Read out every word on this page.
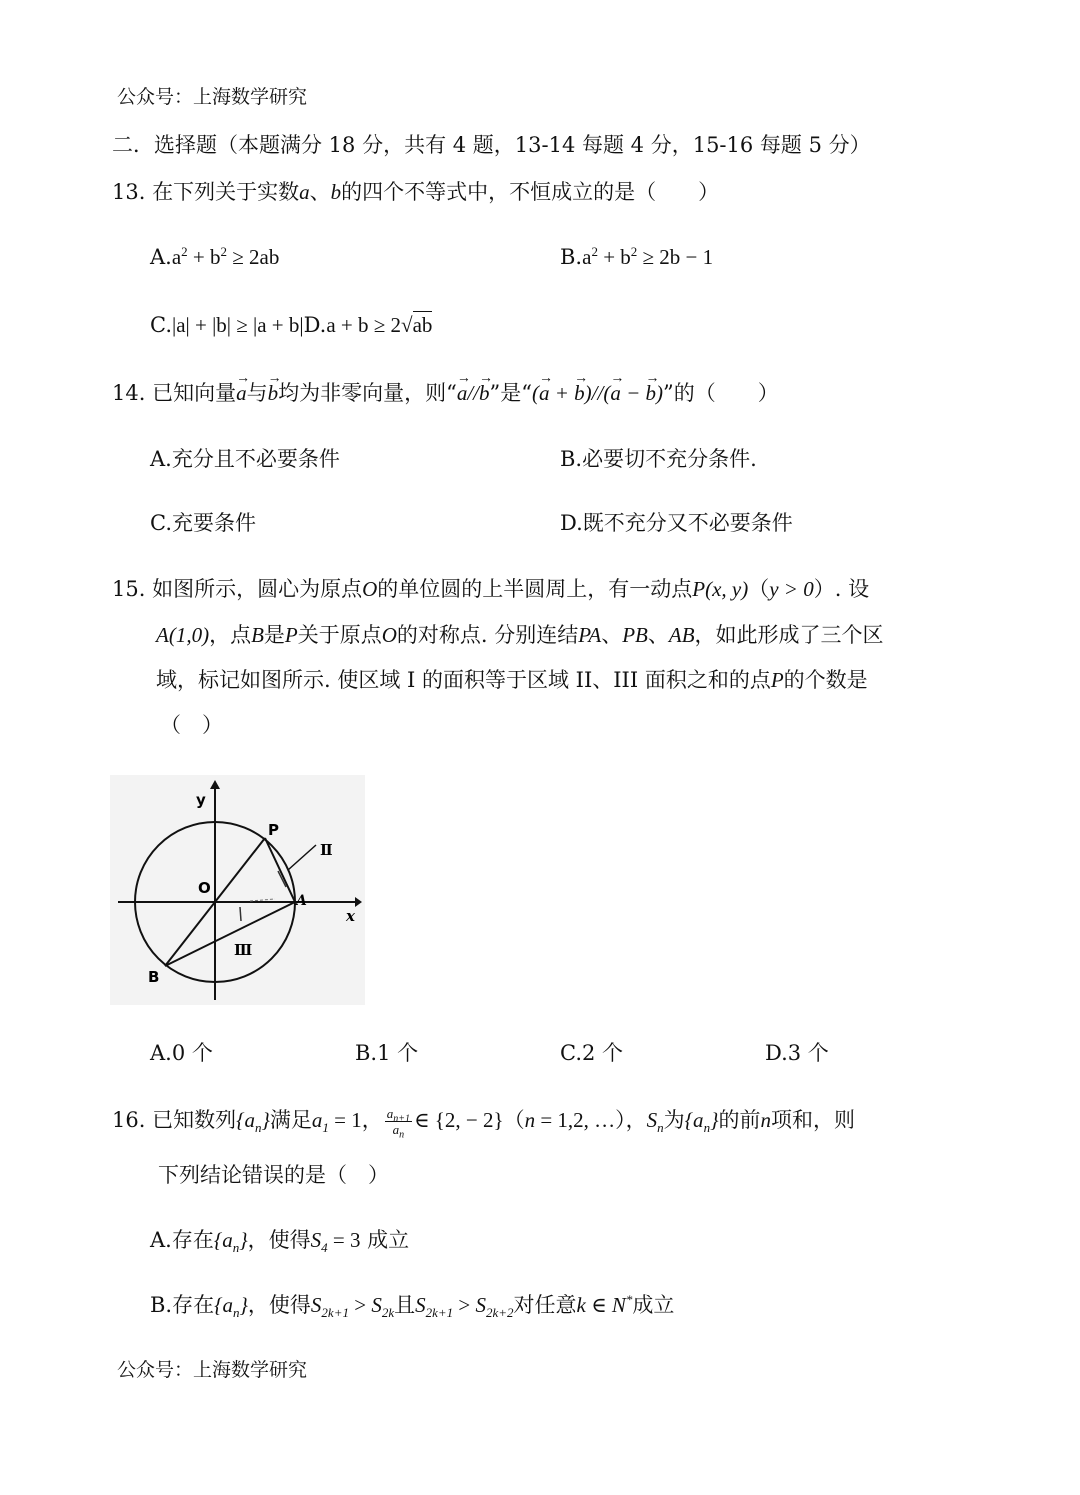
公众号：上海数学研究
二．选择题（本题满分 18 分，共有 4 题，13-14 每题 4 分，15-16 每题 5 分）
13. 在下列关于实数a、b的四个不等式中，不恒成立的是（　　）
$A.a^2 + b^2 \ge 2ab$	$B.a^2 + b^2 \ge 2b - 1$
C.|a| + |b| ≥ |a + b|D.a + b ≥ 2√ab
14. 已知向量→ a与→ b均为非零向量，则“→ a//→ b”是“(→ a + → b)//(→ a − → b)”的（　　）
A.充分且不必要条件	B.必要切不充分条件.
C.充要条件	D.既不充分又不必要条件
15. 如图所示，圆心为原点O的单位圆的上半圆周上，有一动点P(x, y)（y > 0）. 设
A(1,0)，点B是P关于原点O的对称点. 分别连结PA、PB、AB，如此形成了三个区
域，标记如图所示. 使区域 I 的面积等于区域 II、III 面积之和的点P的个数是
（　）
y
x
O
P
A
B
Ⅱ
Ⅲ
A.0 个	B.1 个	C.2 个	D.3 个
16. 已知数列$\{a_n\}$满足$a_1 = 1$， $\frac{a_{n+1}}{a_n}$ ∈ {2, − 2}（n = 1,2, …），$S_n$为$\{a_n\}$的前n项和，则
下列结论错误的是（　）
A.存在$\{a_n\}$，使得$S_4 = 3$ 成立
B.存在$\{a_n\}$，使得$S_{2k+1} > S_{2k}$且$S_{2k+1} > S_{2k+2}$对任意k ∈ N*成立
公众号：上海数学研究
